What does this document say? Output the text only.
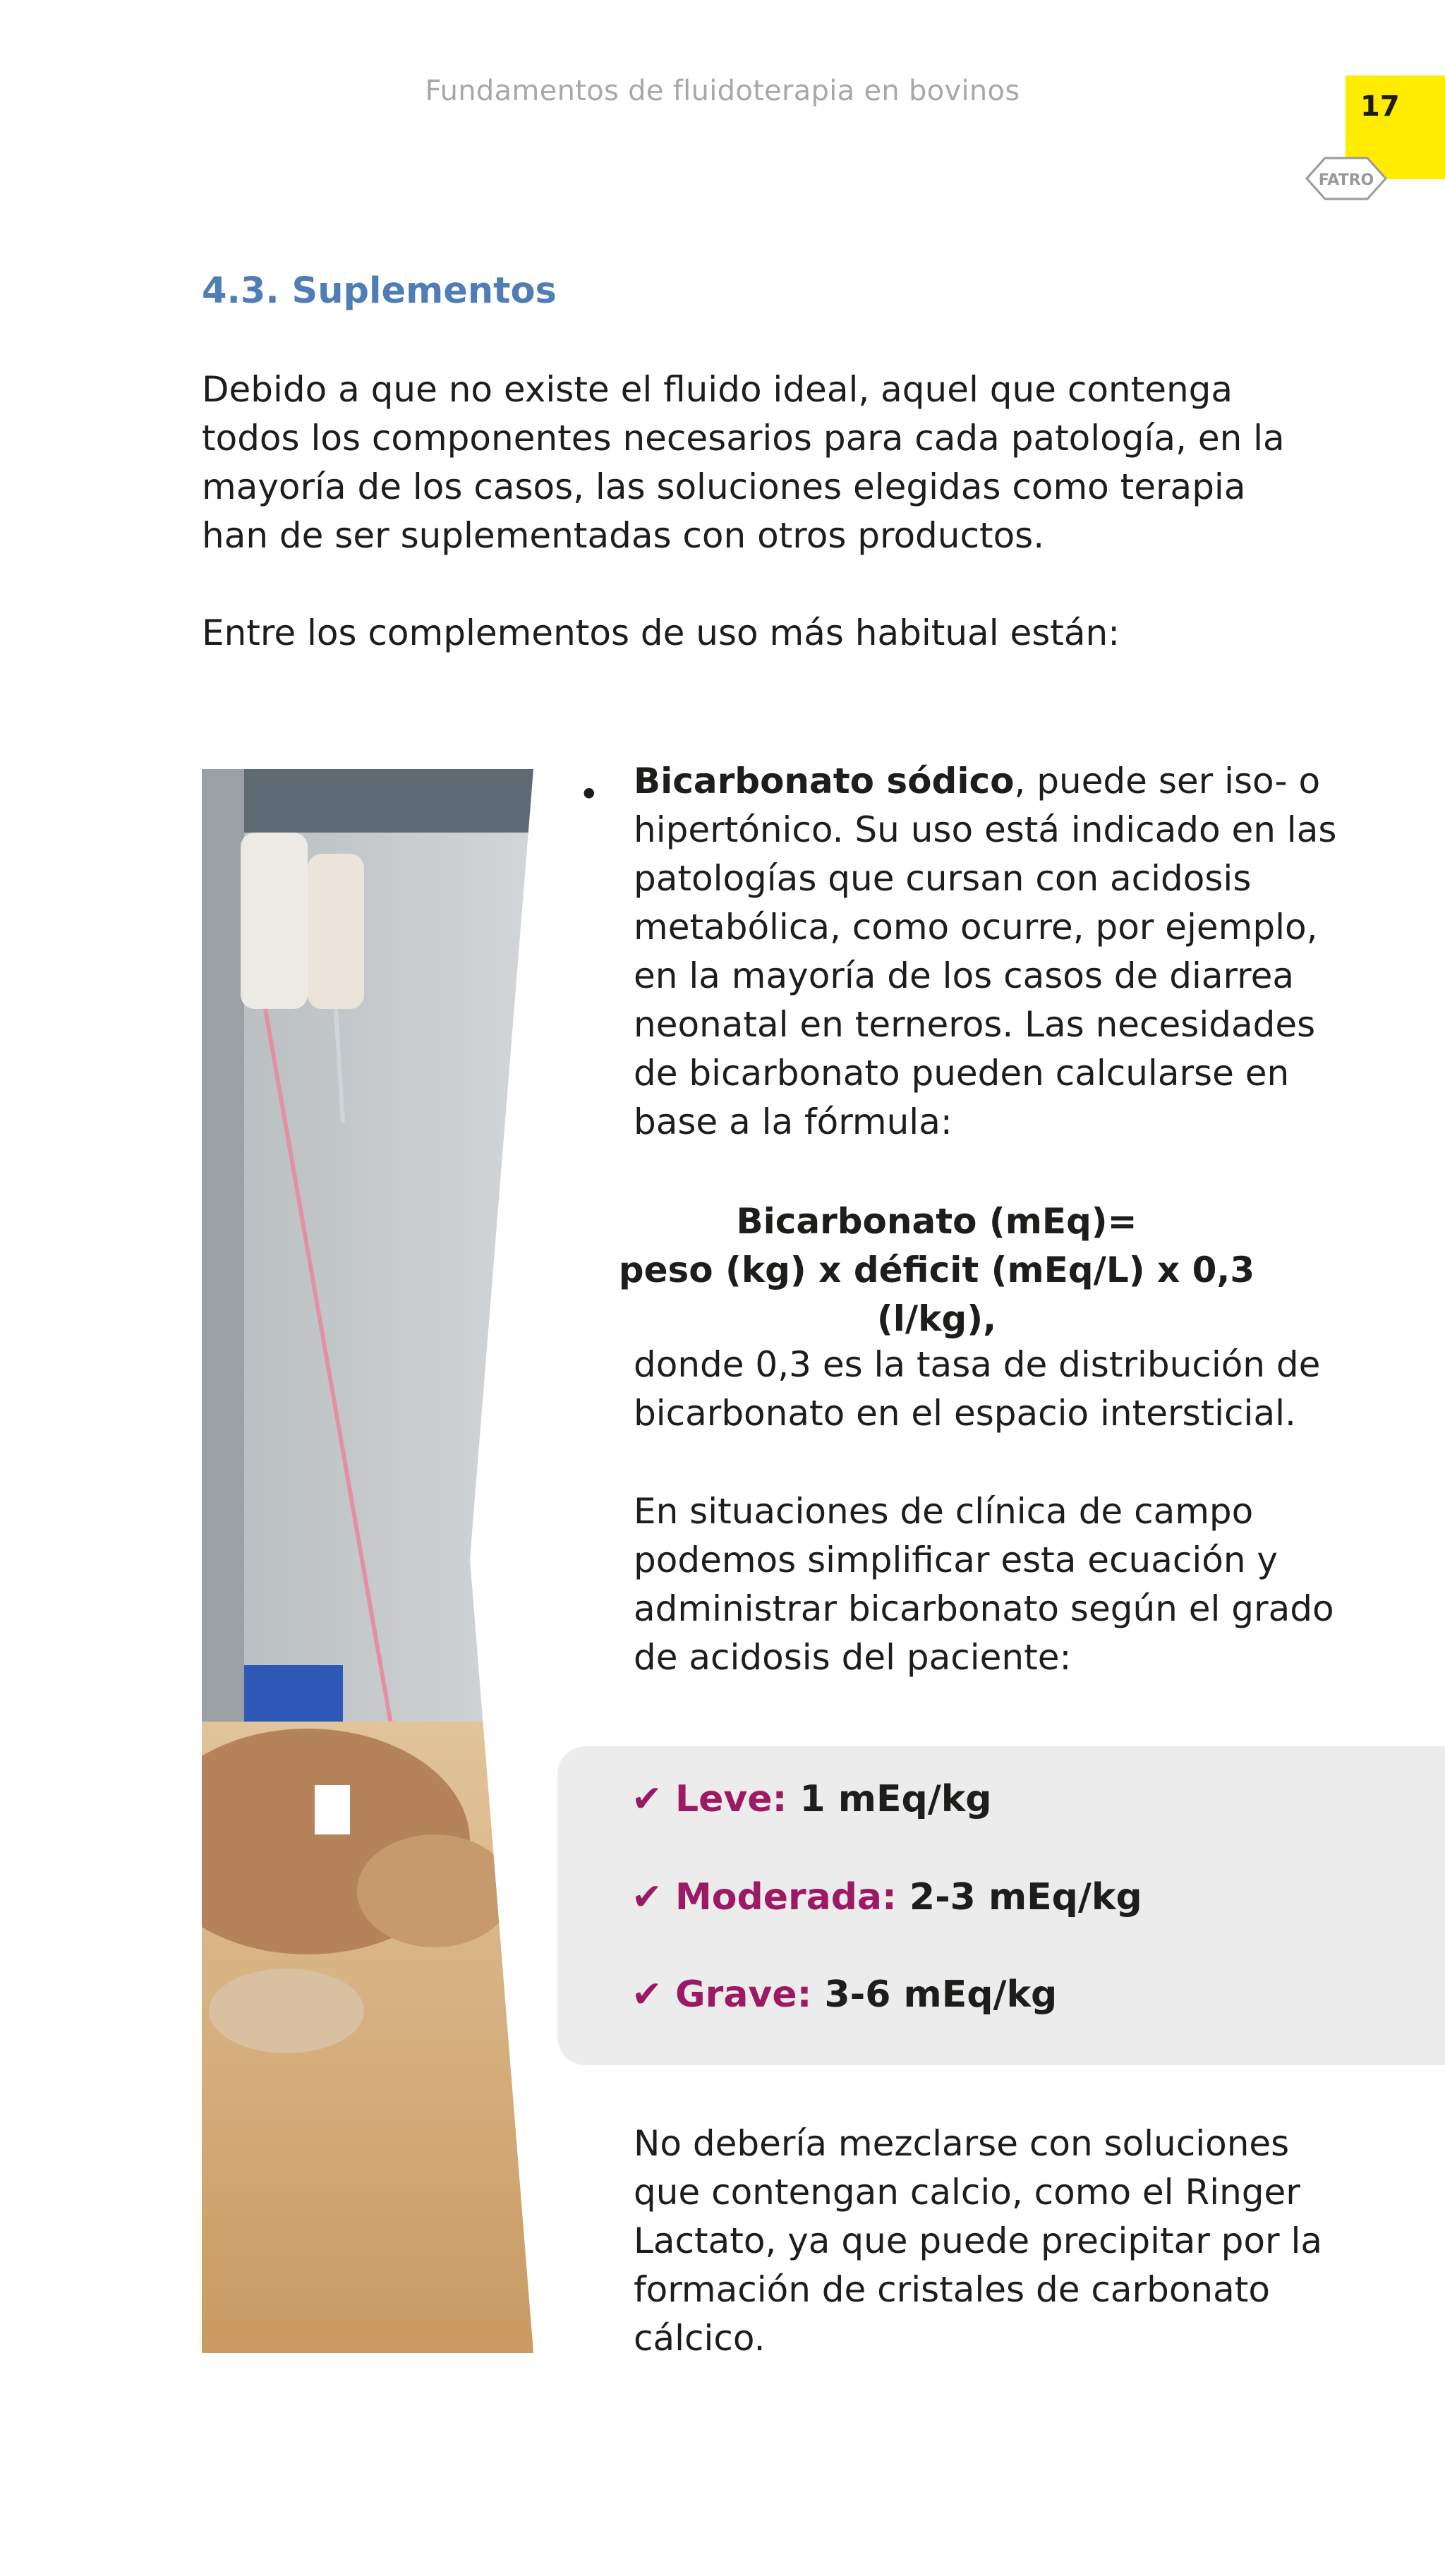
Fundamentos de fluidoterapia en bovinos	17
FATRO
4.3. Suplementos

Debido a que no existe el fluido ideal, aquel que contenga todos los componentes necesarios para cada patología, en la mayoría de los casos, las soluciones elegidas como terapia han de ser suplementadas con otros productos.

Entre los complementos de uso más habitual están:

• Bicarbonato sódico, puede ser iso- o hipertónico. Su uso está indicado en las patologías que cursan con acidosis metabólica, como ocurre, por ejemplo, en la mayoría de los casos de diarrea neonatal en terneros. Las necesidades de bicarbonato pueden calcularse en base a la fórmula:

Bicarbonato (mEq)=
peso (kg) x déficit (mEq/L) x 0,3 (l/kg),

donde 0,3 es la tasa de distribución de bicarbonato en el espacio intersticial.

En situaciones de clínica de campo podemos simplificar esta ecuación y administrar bicarbonato según el grado de acidosis del paciente:

✔ Leve: 1 mEq/kg
✔ Moderada: 2-3 mEq/kg
✔ Grave: 3-6 mEq/kg

No debería mezclarse con soluciones que contengan calcio, como el Ringer Lactato, ya que puede precipitar por la formación de cristales de carbonato cálcico.
